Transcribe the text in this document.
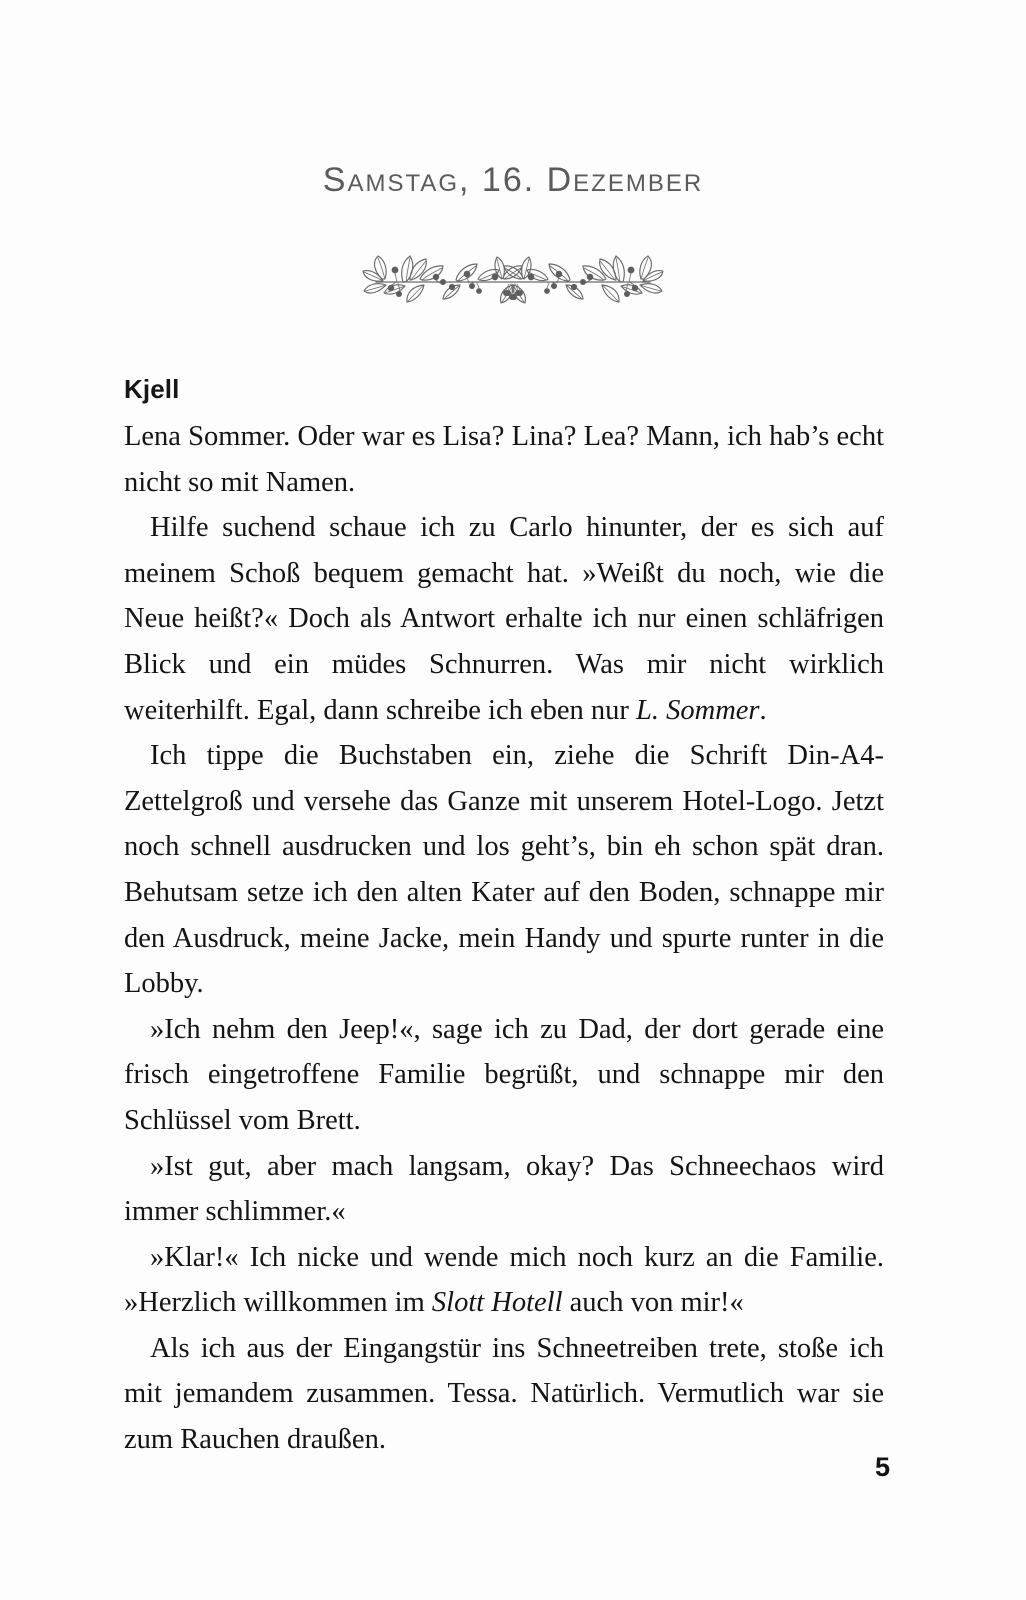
Samstag, 16. Dezember
Kjell

Lena Sommer. Oder war es Lisa? Lina? Lea? Mann, ich hab’s echt nicht so mit Namen.

Hilfe suchend schaue ich zu Carlo hinunter, der es sich auf meinem Schoß bequem gemacht hat. »Weißt du noch, wie die Neue heißt?« Doch als Antwort erhalte ich nur einen schläfrigen Blick und ein müdes Schnurren. Was mir nicht wirklich weiterhilft. Egal, dann schreibe ich eben nur L. Sommer.

Ich tippe die Buchstaben ein, ziehe die Schrift Din-A4-Zettelgroß und versehe das Ganze mit unserem Hotel-Logo. Jetzt noch schnell ausdrucken und los geht’s, bin eh schon spät dran. Behutsam setze ich den alten Kater auf den Boden, schnappe mir den Ausdruck, meine Jacke, mein Handy und spurte runter in die Lobby.

»Ich nehm den Jeep!«, sage ich zu Dad, der dort gerade eine frisch eingetroffene Familie begrüßt, und schnappe mir den Schlüssel vom Brett.

»Ist gut, aber mach langsam, okay? Das Schneechaos wird immer schlimmer.«

»Klar!« Ich nicke und wende mich noch kurz an die Familie. »Herzlich willkommen im Slott Hotell auch von mir!«

Als ich aus der Eingangstür ins Schneetreiben trete, stoße ich mit jemandem zusammen. Tessa. Natürlich. Vermutlich war sie zum Rauchen draußen.

5
